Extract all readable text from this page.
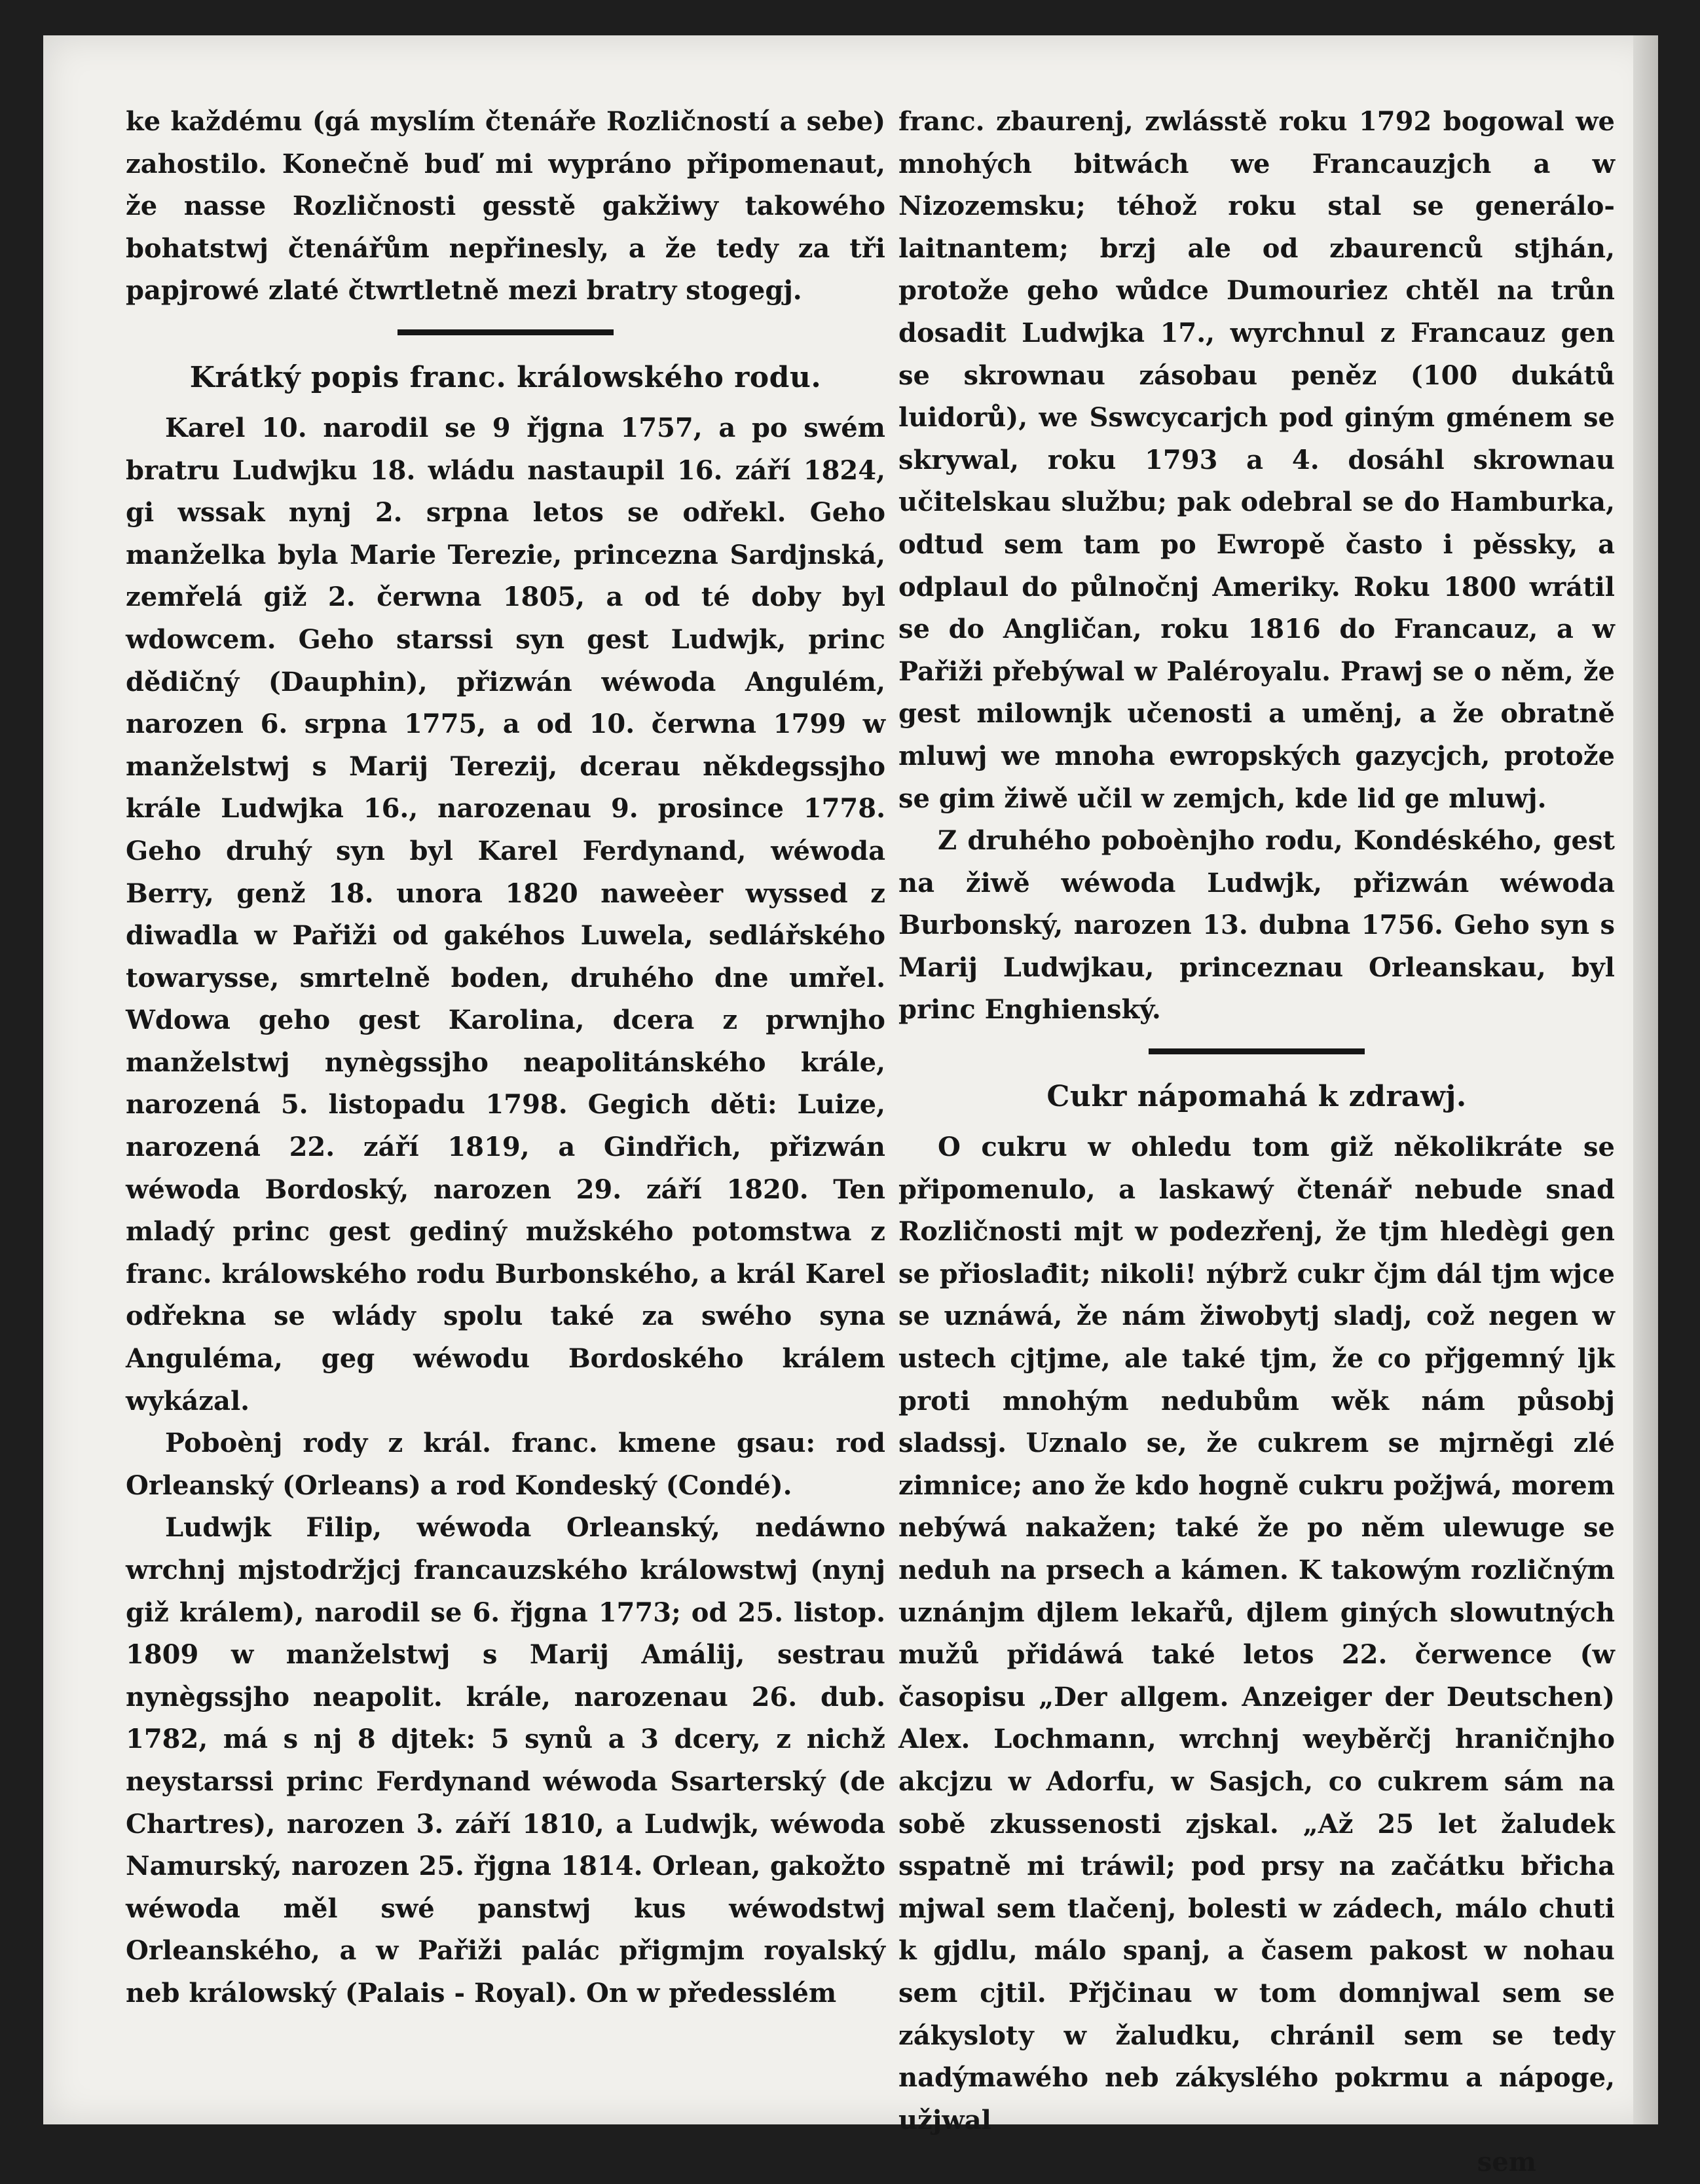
ke každému (gá myslím čtenáře Rozličností a sebe) zahostilo. Konečně buď mi wypráno připomenaut, že nasse Rozličnosti gesstě gakžiwy takowého bohatstwj čtenářům nepřinesly, a že tedy za tři papjrowé zlaté čtwrtletně mezi bratry stogegj.

Krátký popis franc. králowského rodu.

Karel 10. narodil se 9 řjgna 1757, a po swém bratru Ludwjku 18. wládu nastaupil 16. září 1824, gi wssak nynj 2. srpna letos se odřekl. Geho manželka byla Marie Terezie, princezna Sardjnská, zemřelá giž 2. čerwna 1805, a od té doby byl wdowcem. Geho starssi syn gest Ludwjk, princ dědičný (Dauphin), přizwán wéwoda Angulém, narozen 6. srpna 1775, a od 10. čerwna 1799 w manželstwj s Marij Terezij, dcerau někdegssjho krále Ludwjka 16., narozenau 9. prosince 1778. Geho druhý syn byl Karel Ferdynand, wéwoda Berry, genž 18. unora 1820 naweèer wyssed z diwadla w Pařiži od gakéhos Luwela, sedlářského towaryssе, smrtelně boden, druhého dne umřel. Wdowa geho gest Karolina, dcera z prwnjho manželstwj nynègssjho neapolitánského krále, narozená 5. listopadu 1798. Gegich děti: Luize, narozená 22. září 1819, a Gindřich, přizwán wéwoda Bordoský, narozen 29. září 1820. Ten mladý princ gest gediný mužského potomstwa z franc. králowského rodu Burbonského, a král Karel odřekna se wlády spolu také za swého syna Angulémа, geg wéwodu Bordoského králem wykázal.

Poboènj rody z král. franc. kmene gsau: rod Orleanský (Orleans) a rod Kondeský (Condé).

Ludwjk Filip, wéwoda Orleanský, nedáwno wrchnj mjstodržjcj francauzského králowstwj (nynj giž králem), narodil se 6. řjgna 1773; od 25. listop. 1809 w manželstwj s Marij Amálij, sestrau nynègssjho neapolit. krále, narozenau 26. dub. 1782, má s nj 8 djtek: 5 synů a 3 dcery, z nichž neystarssi princ Ferdynand wéwoda Ssarterský (de Chartres), narozen 3. září 1810, a Ludwjk, wéwoda Namurský, narozen 25. řjgna 1814. Orlean, gakožto wéwoda měl swé panstwj kus wéwodstwj Orleanského, a w Pařiži palác přigmjm royalský neb králowský (Palais - Royal). On w předesslém

franc. zbaurenj, zwlásstě roku 1792 bogowal we mnohých bitwách we Francauzjch a w Nizozemsku; téhož roku stal se generálo-laitnantem; brzj ale od zbaurenců stjhán, protože geho wůdce Dumouriez chtěl na trůn dosadit Ludwjka 17., wyrchnul z Francauz gen se skrownau zásobau peněz (100 dukátů luidorů), we Sswcycarjch pod giným gménem se skrywal, roku 1793 a 4. dosáhl skrownau učitelskau službu; pak odebral se do Hamburka, odtud sem tam po Ewropě často i pěssky, a odplaul do půlnočnj Ameriky. Roku 1800 wrátil se do Angličan, roku 1816 do Francauz, a w Pařiži přebýwal w Paléroyalu. Prawj se o něm, že gest milownjk učenosti a uměnj, a že obratně mluwj we mnoha ewropských gazycjch, protože se gim žiwě učil w zemjch, kde lid ge mluwj.

Z druhého poboènjho rodu, Kondéského, gest na žiwě wéwoda Ludwjk, přizwán wéwoda Burbonský, narozen 13. dubna 1756. Geho syn s Marij Ludwjkau, princeznau Orleanskau, byl princ Enghienský.

Cukr nápomahá k zdrawj.

O cukru w ohledu tom giž několikráte se připomenulo, a laskawý čtenář nebude snad Rozličnosti mjt w podezřenj, že tjm hledègi gen se přioslađit; nikoli! nýbrž cukr čjm dál tjm wjce se uznáwá, že nám žiwobytj sladj, což negen w ustech cjtjme, ale také tjm, že co přjgemný ljk proti mnohým nedubům wěk nám působj sladssj. Uznalo se, že cukrem se mjrněgi zlé zimnice; ano že kdo hogně cukru požjwá, morem nebýwá nakažen; také že po něm ulewuge se neduh na prsech a kámen. K takowým rozličným uznánjm djlem lekařů, djlem giných slowutných mužů přidáwá také letos 22. čerwence (w časopisu „Der allgem. Anzeiger der Deutschen) Alex. Lochmann, wrchnj weyběrčj hraničnjho akcjzu w Adorfu, w Sasjch, co cukrem sám na sobě zkussenosti zjskal. „Až 25 let žaludek sspatně mi tráwil; pod prsy na začátku břicha mjwal sem tlačenj, bolesti w zádech, málo chuti k gjdlu, málo spanj, a časem pakost w nohau sem cjtil. Přjčinau w tom domnjwal sem se zákyslotу w žaludku, chránil sem se tedy nadýmawého neb zákyslého pokrmu a nápoge, užjwal

sem
